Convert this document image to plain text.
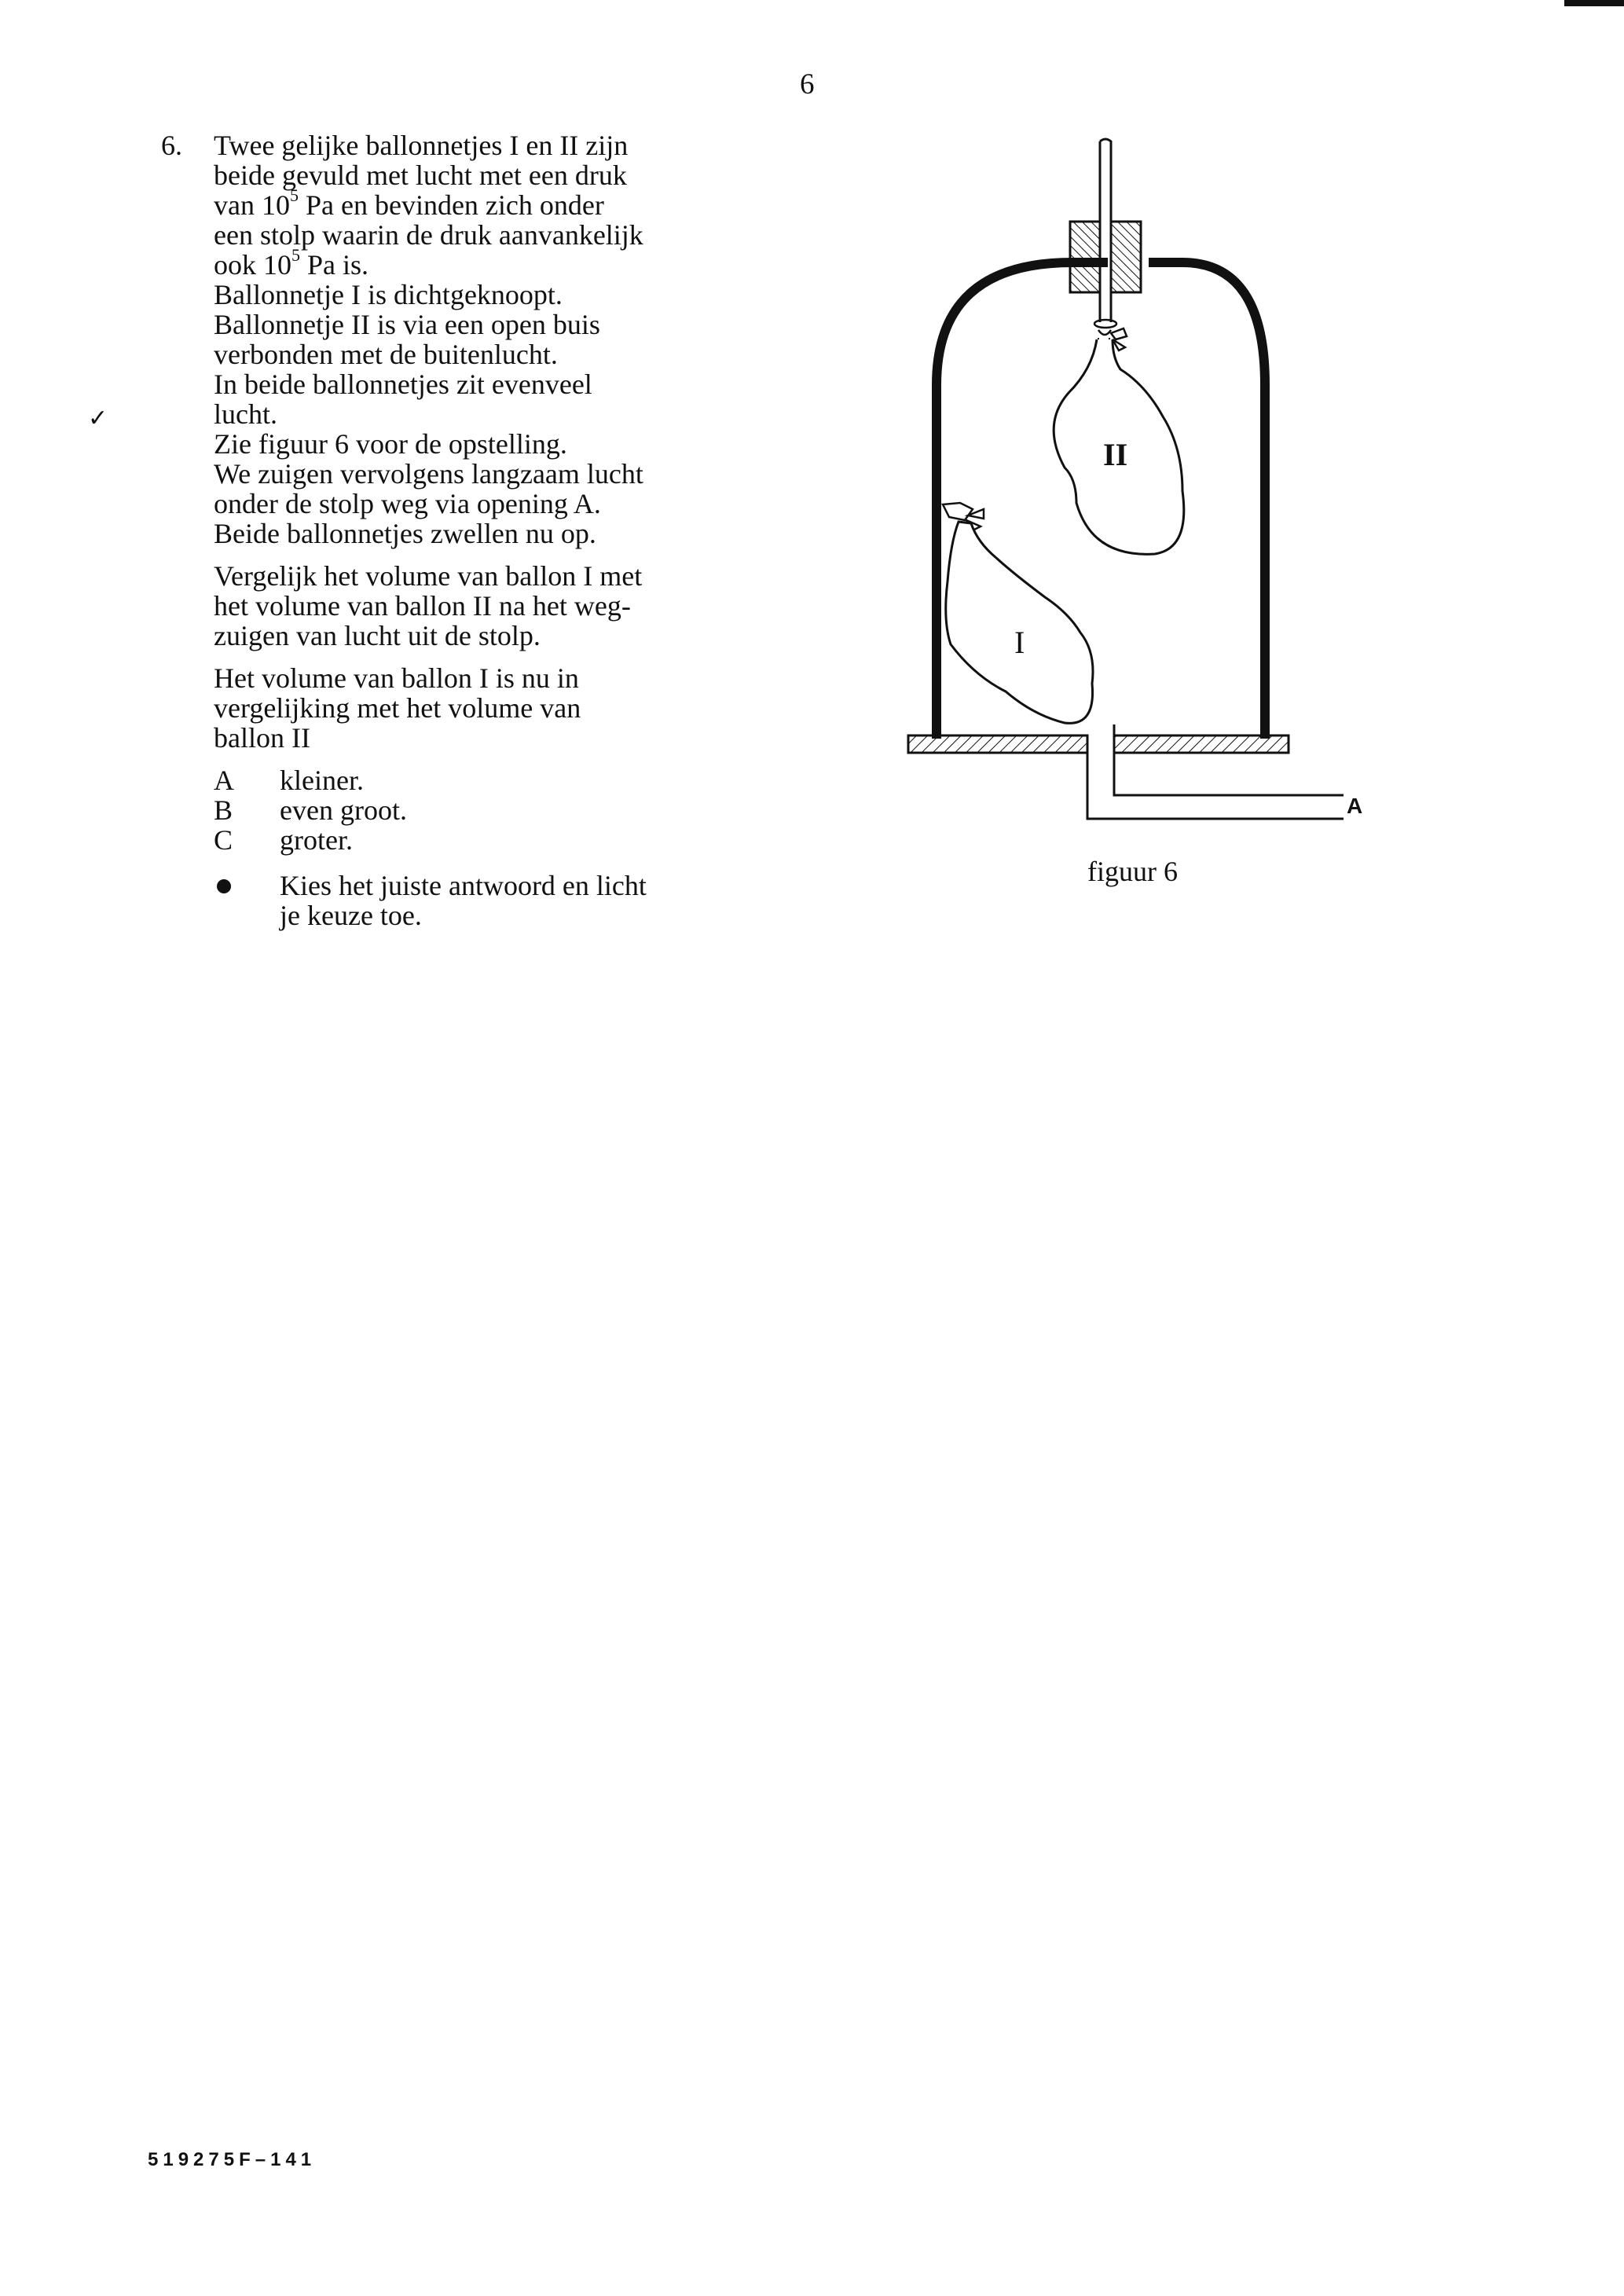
6
✓
6. Twee gelijke ballonnetjes I en II zijn
beide gevuld met lucht met een druk
van $10^5$ Pa en bevinden zich onder
een stolp waarin de druk aanvankelijk
ook $10^5$ Pa is.
Ballonnetje I is dichtgeknoopt.
Ballonnetje II is via een open buis
verbonden met de buitenlucht.
In beide ballonnetjes zit evenveel
lucht.
Zie figuur 6 voor de opstelling.
We zuigen vervolgens langzaam lucht
onder de stolp weg via opening A.
Beide ballonnetjes zwellen nu op.
Vergelijk het volume van ballon I met
het volume van ballon II na het weg-
zuigen van lucht uit de stolp.
Het volume van ballon I is nu in
vergelijking met het volume van
ballon II
A	kleiner.
B	even groot.
C	groter.
Kies het juiste antwoord en licht
je keuze toe.
I
II
A
figuur 6
519275F–141
